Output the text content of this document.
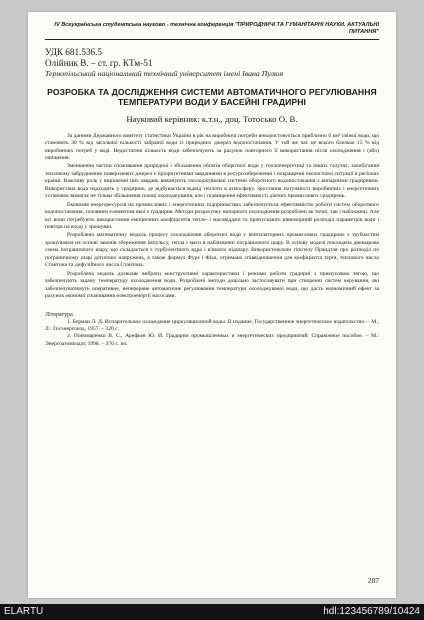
IV Всеукраїнська студентська науково - технічна конференція "ПРИРОДНИЧІ ТА ГУМАНІТАРНІ НАУКИ. АКТУАЛЬНІ ПИТАННЯ"
УДК 681.536.5
Олійник В. – ст. гр. КТм-51
Тернопільський національний технічний університет імені Івана Пулюя
РОЗРОБКА ТА ДОСЛІДЖЕННЯ СИСТЕМИ АВТОМАТИЧНОГО РЕГУЛЮВАННЯ ТЕМПЕРАТУРИ ВОДИ У БАСЕЙНІ ГРАДИРНІ
Науковий керівник: к.т.н., доц. Тотосько О. В.

За даними Державного комітету статистики України в рік на виробничі потреби використовується приблизно 6 км³ свіжої води, що становить 30 % від загальної кількості забраної води із природних джерел водопостачання. У той же час це всього близько 15 % від виробничих потреб у воді. Недостатню кількість води забезпечують за рахунок повторного її використання після охолодження і (або) очищення.

Зменшення частки споживання природної і збільшення обсягів оборотної води у теплоенергетиці та інших галузях, запобігання тепловому забрудненню поверхневих джерел є пріоритетними завданнями в ресурсозбереженні і покращенні екологічної ситуації в регіонах країни. Важливу роль у вирішенні цих завдань виконують охолоджувальні системи оборотного водопостачання з випарними градирнями. Використана вода надходить у градирню, де відбувається відвід теплоти в атмосферу. Зростання потужності виробничих і енергетичних установок вимагає не тільки збільшення площі охолоджувачів, але і підвищення ефективності діючих промислових градирень.

Економія енергоресурсів на промислових і енергетичних підприємствах забезпечується ефективністю роботи систем оборотного водопостачання, головним елементом якої є градирня. Методи розрахунку випарного охолодження розроблені як точні, так і наближені. Але всі вони потребують використання емпіричних коефіцієнтів тепло- і масовіддачі та припускають рівномірний розподіл параметрів води і повітря на вході у зрошувач.

Розроблено математичну модель процесу охолодження оборотної води у вентиляторних промислових градирнях з трубчастим зрошувачем на основі законів збереження імпульсу, тепла і маси в наближенні пограничного шару. В основу моделі покладена двошарова схема пограничного шару, що складається з турбулентного ядра і в'язкого підшару. Використовуючи гіпотезу Прандтля про розподіл по пограничному шарі дотичних напружень, а також формул Фурє і Фіка, отримано співвідношення для коефіцієнта тертя, теплового числа Стантона та дифузійного числа Стантона.

Розроблена модель дозволяє вибрати конструктивні характеристики і режими роботи градирні з примусовою тягою, що забезпечують задану температуру охолодження води. Розроблені методи доцільно застосовувати при створенні систем керування, які забезпечуватимуть оперативне, неперервне автоматичне регулювання температури охолоджуваної води, що дасть економічний ефект за рахунок економії споживання електроенергії насосами.

Література
1. Берман Л. Д. Испарительное охлаждение циркуляционной воды. II издание, Государственное энергетическое издательство. – М., Л.: Госэнергоизд, 1957. – 320 с.
2. Пономаренко В. С., Арефьев Ю. И. Градирни промышленных и энергетических предприятий: Справочное пособие. – М.: Энергоатомиздат, 1998. – 376 с. ил.
287
ELARTU	hdl:123456789/10424
